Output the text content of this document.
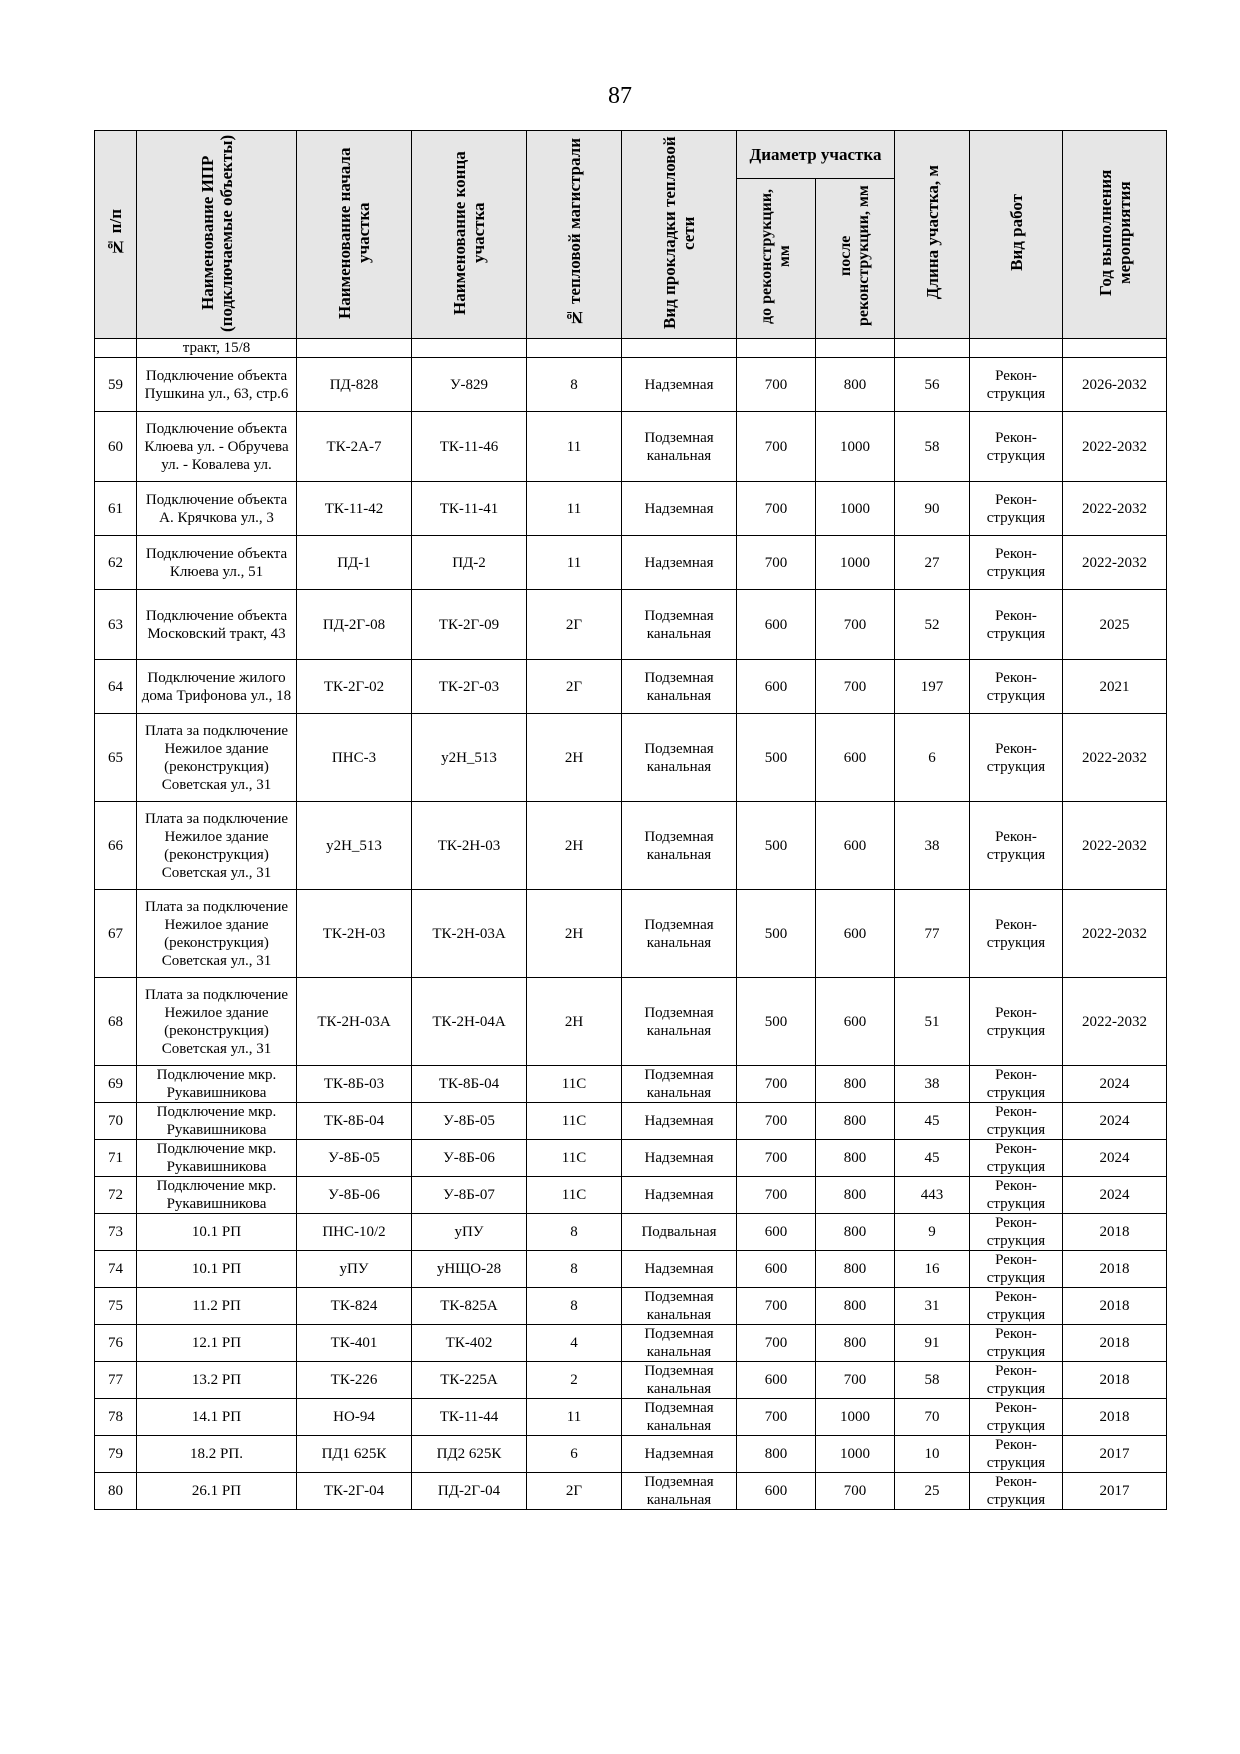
87
№ п/п	Наименование ИПР (подключаемые объекты)	Наименование начала участка	Наименование конца участка	№ тепловой магистрали	Вид прокладки тепловой сети	Диаметр участка		Длина участка, м	Вид работ	Год выполнения мероприятия
						до реконструкции, мм	после реконструкции, мм			
	тракт, 15/8									
59	Подключение объекта Пушкина ул., 63, стр.6	ПД-828	У-829	8	Надземная	700	800	56	Рекон-струкция	2026-2032
60	Подключение объекта Клюева ул. - Обручева ул. - Ковалева ул.	ТК-2А-7	ТК-11-46	11	Подземная канальная	700	1000	58	Рекон-струкция	2022-2032
61	Подключение объекта А. Крячкова ул., 3	ТК-11-42	ТК-11-41	11	Надземная	700	1000	90	Рекон-струкция	2022-2032
62	Подключение объекта Клюева ул., 51	ПД-1	ПД-2	11	Надземная	700	1000	27	Рекон-струкция	2022-2032
63	Подключение объекта Московский тракт, 43	ПД-2Г-08	ТК-2Г-09	2Г	Подземная канальная	600	700	52	Рекон-струкция	2025
64	Подключение жилого дома Трифонова ул., 18	ТК-2Г-02	ТК-2Г-03	2Г	Подземная канальная	600	700	197	Рекон-струкция	2021
65	Плата за подключение Нежилое здание (реконструкция) Советская ул., 31	ПНС-3	у2Н_513	2Н	Подземная канальная	500	600	6	Рекон-струкция	2022-2032
66	Плата за подключение Нежилое здание (реконструкция) Советская ул., 31	у2Н_513	ТК-2Н-03	2Н	Подземная канальная	500	600	38	Рекон-струкция	2022-2032
67	Плата за подключение Нежилое здание (реконструкция) Советская ул., 31	ТК-2Н-03	ТК-2Н-03А	2Н	Подземная канальная	500	600	77	Рекон-струкция	2022-2032
68	Плата за подключение Нежилое здание (реконструкция) Советская ул., 31	ТК-2Н-03А	ТК-2Н-04А	2Н	Подземная канальная	500	600	51	Рекон-струкция	2022-2032
69	Подключение мкр. Рукавишникова	ТК-8Б-03	ТК-8Б-04	11С	Подземная канальная	700	800	38	Рекон-струкция	2024
70	Подключение мкр. Рукавишникова	ТК-8Б-04	У-8Б-05	11С	Надземная	700	800	45	Рекон-струкция	2024
71	Подключение мкр. Рукавишникова	У-8Б-05	У-8Б-06	11С	Надземная	700	800	45	Рекон-струкция	2024
72	Подключение мкр. Рукавишникова	У-8Б-06	У-8Б-07	11С	Надземная	700	800	443	Рекон-струкция	2024
73	10.1 РП	ПНС-10/2	уПУ	8	Подвальная	600	800	9	Рекон-струкция	2018
74	10.1 РП	уПУ	уНЩО-28	8	Надземная	600	800	16	Рекон-струкция	2018
75	11.2 РП	ТК-824	ТК-825А	8	Подземная канальная	700	800	31	Рекон-струкция	2018
76	12.1 РП	ТК-401	ТК-402	4	Подземная канальная	700	800	91	Рекон-струкция	2018
77	13.2 РП	ТК-226	ТК-225А	2	Подземная канальная	600	700	58	Рекон-струкция	2018
78	14.1 РП	НО-94	ТК-11-44	11	Подземная канальная	700	1000	70	Рекон-струкция	2018
79	18.2 РП.	ПД1 625К	ПД2 625К	6	Надземная	800	1000	10	Рекон-струкция	2017
80	26.1 РП	ТК-2Г-04	ПД-2Г-04	2Г	Подземная канальная	600	700	25	Рекон-струкция	2017
